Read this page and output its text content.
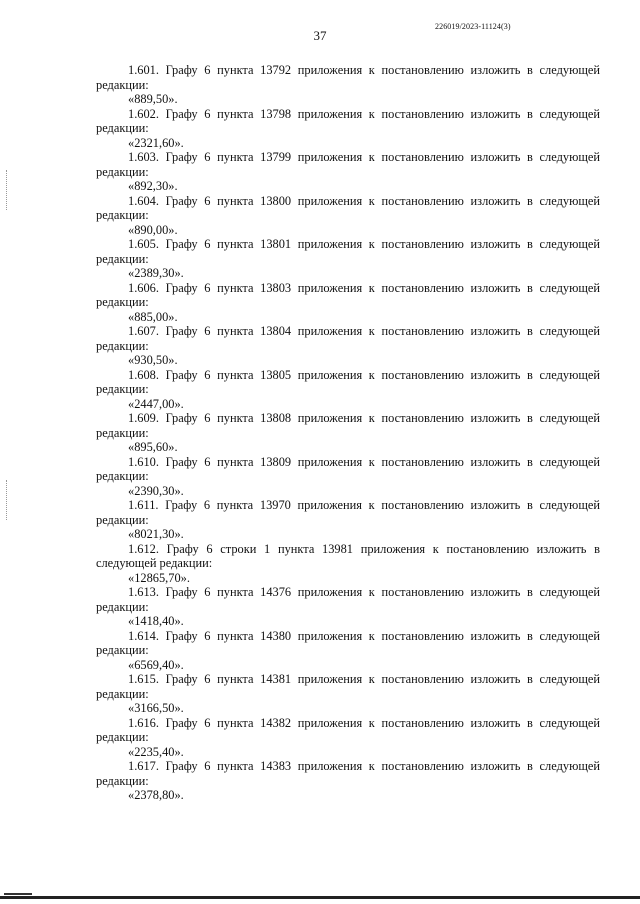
226019/2023-11124(3)
37

1.601. Графу 6 пункта 13792 приложения к постановлению изложить в следующей редакции:

«889,50».

1.602. Графу 6 пункта 13798 приложения к постановлению изложить в следующей редакции:

«2321,60».

1.603. Графу 6 пункта 13799 приложения к постановлению изложить в следующей редакции:

«892,30».

1.604. Графу 6 пункта 13800 приложения к постановлению изложить в следующей редакции:

«890,00».

1.605. Графу 6 пункта 13801 приложения к постановлению изложить в следующей редакции:

«2389,30».

1.606. Графу 6 пункта 13803 приложения к постановлению изложить в следующей редакции:

«885,00».

1.607. Графу 6 пункта 13804 приложения к постановлению изложить в следующей редакции:

«930,50».

1.608. Графу 6 пункта 13805 приложения к постановлению изложить в следующей редакции:

«2447,00».

1.609. Графу 6 пункта 13808 приложения к постановлению изложить в следующей редакции:

«895,60».

1.610. Графу 6 пункта 13809 приложения к постановлению изложить в следующей редакции:

«2390,30».

1.611. Графу 6 пункта 13970 приложения к постановлению изложить в следующей редакции:

«8021,30».

1.612. Графу 6 строки 1 пункта 13981 приложения к постановлению изложить в следующей редакции:

«12865,70».

1.613. Графу 6 пункта 14376 приложения к постановлению изложить в следующей редакции:

«1418,40».

1.614. Графу 6 пункта 14380 приложения к постановлению изложить в следующей редакции:

«6569,40».

1.615. Графу 6 пункта 14381 приложения к постановлению изложить в следующей редакции:

«3166,50».

1.616. Графу 6 пункта 14382 приложения к постановлению изложить в следующей редакции:

«2235,40».

1.617. Графу 6 пункта 14383 приложения к постановлению изложить в следующей редакции:

«2378,80».
